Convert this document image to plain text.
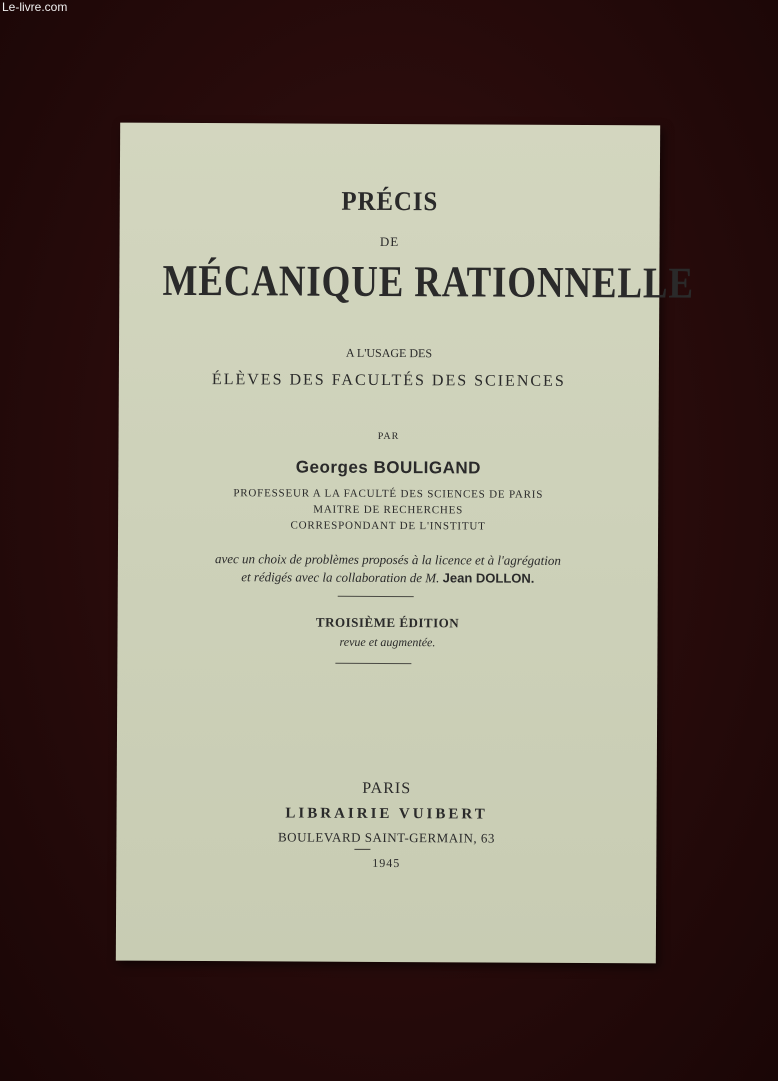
Le-livre.com
PRÉCIS
DE
MÉCANIQUE RATIONNELLE
A L'USAGE DES
ÉLÈVES DES FACULTÉS DES SCIENCES
PAR
Georges BOULIGAND
PROFESSEUR A LA FACULTÉ DES SCIENCES DE PARIS
MAITRE DE RECHERCHES
CORRESPONDANT DE L'INSTITUT
avec un choix de problèmes proposés à la licence et à l'agrégation
et rédigés avec la collaboration de M. Jean DOLLON.
TROISIÈME ÉDITION
revue et augmentée.
PARIS
LIBRAIRIE VUIBERT
BOULEVARD SAINT-GERMAIN, 63
1945
